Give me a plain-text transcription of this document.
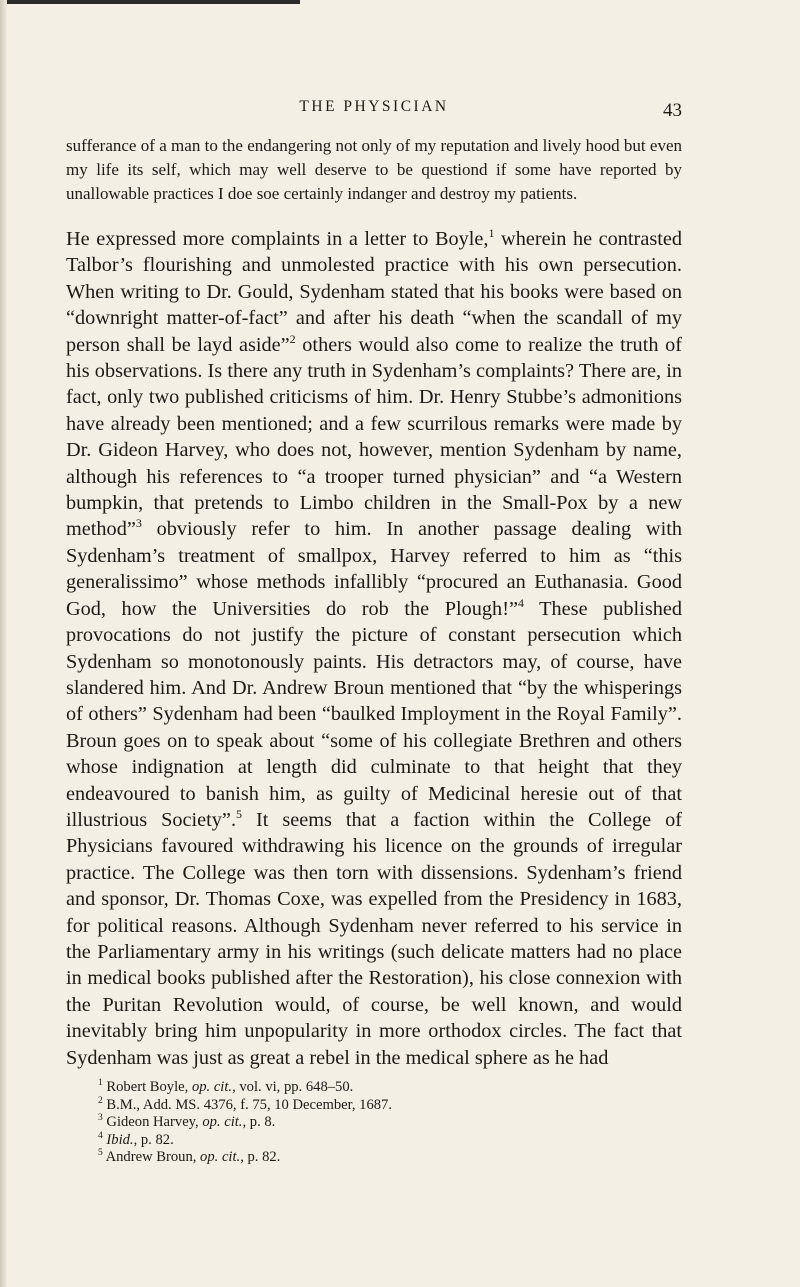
THE PHYSICIAN	43

sufferance of a man to the endangering not only of my reputation and lively hood but even my life its self, which may well deserve to be questiond if some have reported by unallowable practices I doe soe certainly indanger and destroy my patients.

He expressed more complaints in a letter to Boyle,$^1$ wherein he contrasted Talbor’s flourishing and unmolested practice with his own persecution. When writing to Dr. Gould, Sydenham stated that his books were based on “downright matter-of-fact” and after his death “when the scandall of my person shall be layd aside”$^2$ others would also come to realize the truth of his observations. Is there any truth in Sydenham’s complaints? There are, in fact, only two published criticisms of him. Dr. Henry Stubbe’s admonitions have already been mentioned; and a few scurrilous remarks were made by Dr. Gideon Harvey, who does not, however, mention Sydenham by name, although his references to “a trooper turned physician” and “a Western bumpkin, that pretends to Limbo children in the Small-Pox by a new method”$^3$ obviously refer to him. In another passage dealing with Sydenham’s treatment of smallpox, Harvey referred to him as “this generalissimo” whose methods infallibly “procured an Euthanasia. Good God, how the Universities do rob the Plough!”$^4$ These published provocations do not justify the picture of constant persecution which Sydenham so monotonously paints. His detractors may, of course, have slandered him. And Dr. Andrew Broun mentioned that “by the whisperings of others” Sydenham had been “baulked Imployment in the Royal Family”. Broun goes on to speak about “some of his collegiate Brethren and others whose indignation at length did culminate to that height that they endeavoured to banish him, as guilty of Medicinal heresie out of that illustrious Society”.$^5$ It seems that a faction within the College of Physicians favoured withdrawing his licence on the grounds of irregular practice. The College was then torn with dissensions. Sydenham’s friend and sponsor, Dr. Thomas Coxe, was expelled from the Presidency in 1683, for political reasons. Although Sydenham never referred to his service in the Parliamentary army in his writings (such delicate matters had no place in medical books published after the Restoration), his close connexion with the Puritan Revolution would, of course, be well known, and would inevitably bring him unpopularity in more orthodox circles. The fact that Sydenham was just as great a rebel in the medical sphere as he had

$^1$ Robert Boyle, op. cit., vol. vi, pp. 648–50.
$^2$ B.M., Add. MS. 4376, f. 75, 10 December, 1687.
$^3$ Gideon Harvey, op. cit., p. 8.
$^4$ Ibid., p. 82.
$^5$ Andrew Broun, op. cit., p. 82.
